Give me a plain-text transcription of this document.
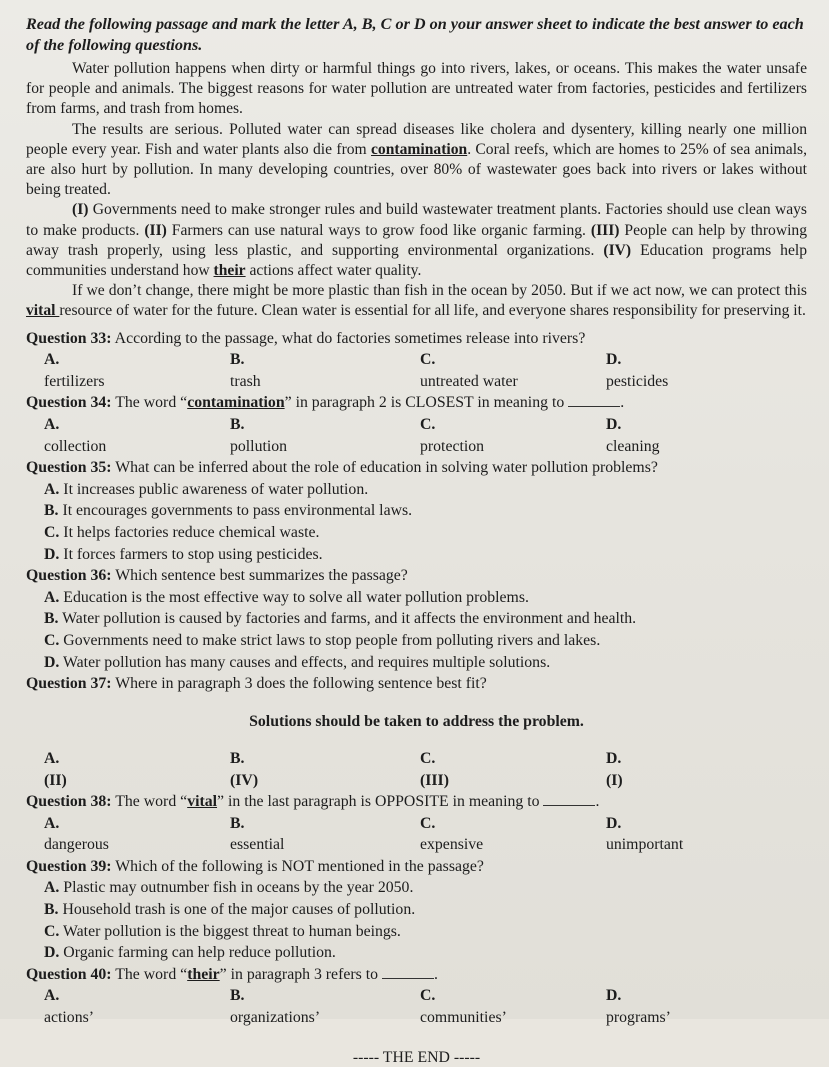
Read the following passage and mark the letter A, B, C or D on your answer sheet to indicate the best answer to each of the following questions.

Water pollution happens when dirty or harmful things go into rivers, lakes, or oceans. This makes the water unsafe for people and animals. The biggest reasons for water pollution are untreated water from factories, pesticides and fertilizers from farms, and trash from homes.

The results are serious. Polluted water can spread diseases like cholera and dysentery, killing nearly one million people every year. Fish and water plants also die from contamination. Coral reefs, which are homes to 25% of sea animals, are also hurt by pollution. In many developing countries, over 80% of wastewater goes back into rivers or lakes without being treated.

(I) Governments need to make stronger rules and build wastewater treatment plants. Factories should use clean ways to make products. (II) Farmers can use natural ways to grow food like organic farming. (III) People can help by throwing away trash properly, using less plastic, and supporting environmental organizations. (IV) Education programs help communities understand how their actions affect water quality.

If we don’t change, there might be more plastic than fish in the ocean by 2050. But if we act now, we can protect this vital resource of water for the future. Clean water is essential for all life, and everyone shares responsibility for preserving it.

Question 33: According to the passage, what do factories sometimes release into rivers?

A.
fertilizers
B.
trash
C.
untreated water
D.
pesticides

Question 34: The word “contamination” in paragraph 2 is CLOSEST in meaning to	.

A.
collection
B.
pollution
C.
protection
D.
cleaning

Question 35: What can be inferred about the role of education in solving water pollution problems?

A. It increases public awareness of water pollution.

B. It encourages governments to pass environmental laws.

C. It helps factories reduce chemical waste.

D. It forces farmers to stop using pesticides.

Question 36: Which sentence best summarizes the passage?

A. Education is the most effective way to solve all water pollution problems.

B. Water pollution is caused by factories and farms, and it affects the environment and health.

C. Governments need to make strict laws to stop people from polluting rivers and lakes.

D. Water pollution has many causes and effects, and requires multiple solutions.

Question 37: Where in paragraph 3 does the following sentence best fit?

Solutions should be taken to address the problem.

A.
(II)
B.
(IV)
C.
(III)
D.
(I)

Question 38: The word “vital” in the last paragraph is OPPOSITE in meaning to	.

A.
dangerous
B.
essential
C.
expensive
D.
unimportant

Question 39: Which of the following is NOT mentioned in the passage?

A. Plastic may outnumber fish in oceans by the year 2050.

B. Household trash is one of the major causes of pollution.

C. Water pollution is the biggest threat to human beings.

D. Organic farming can help reduce pollution.

Question 40: The word “their” in paragraph 3 refers to	.

A.
actions’
B.
organizations’
C.
communities’
D.
programs’

----- THE END -----
